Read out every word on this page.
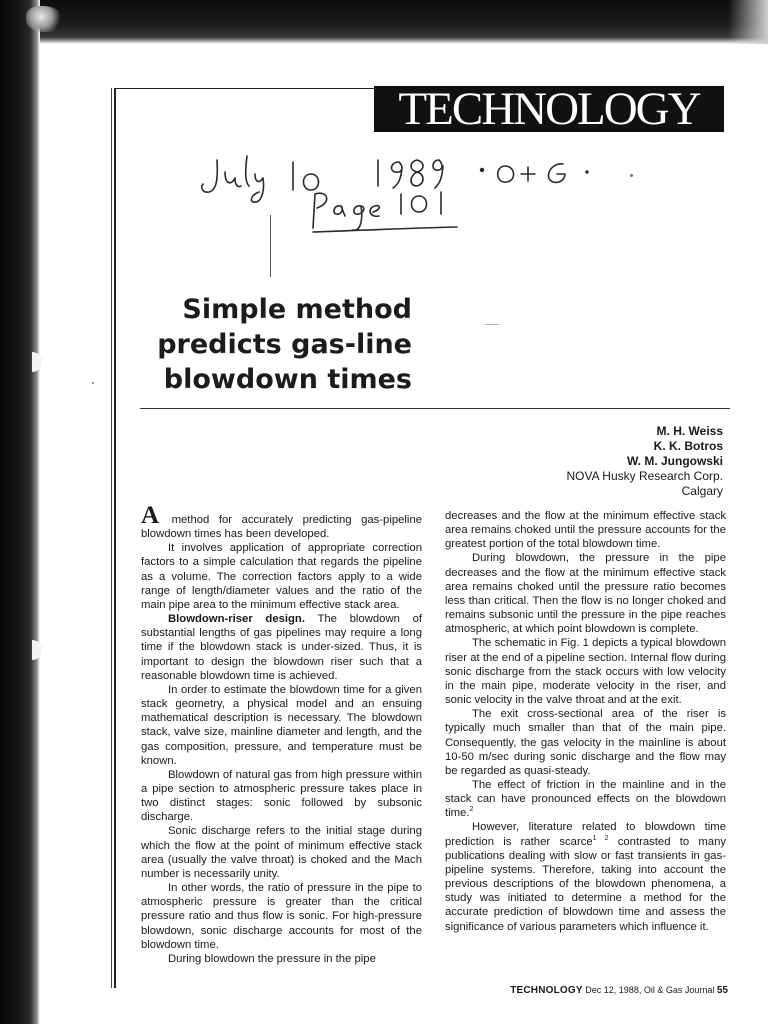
TECHNOLOGY
Simple method
predicts gas-line
blowdown times
M. H. Weiss
K. K. Botros
W. M. Jungowski
NOVA Husky Research Corp.
Calgary

A method for accurately predicting gas-pipeline blowdown times has been developed.

It involves application of appropriate correction factors to a simple calculation that regards the pipeline as a volume. The correction factors apply to a wide range of length/diameter values and the ratio of the main pipe area to the minimum effective stack area.

Blowdown-riser design. The blowdown of substantial lengths of gas pipelines may require a long time if the blowdown stack is under-sized. Thus, it is important to design the blowdown riser such that a reasonable blowdown time is achieved.

In order to estimate the blowdown time for a given stack geometry, a physical model and an ensuing mathematical description is necessary. The blowdown stack, valve size, mainline diameter and length, and the gas composition, pressure, and temperature must be known.

Blowdown of natural gas from high pressure within a pipe section to atmospheric pressure takes place in two distinct stages: sonic followed by subsonic discharge.

Sonic discharge refers to the initial stage during which the flow at the point of minimum effective stack area (usually the valve throat) is choked and the Mach number is necessarily unity.

In other words, the ratio of pressure in the pipe to atmospheric pressure is greater than the critical pressure ratio and thus flow is sonic. For high-pressure blowdown, sonic discharge accounts for most of the blowdown time.

During blowdown the pressure in the pipe

decreases and the flow at the minimum effective stack area remains choked until the pressure accounts for the greatest portion of the total blowdown time.

During blowdown, the pressure in the pipe decreases and the flow at the minimum effective stack area remains choked until the pressure ratio becomes less than critical. Then the flow is no longer choked and remains subsonic until the pressure in the pipe reaches atmospheric, at which point blowdown is complete.

The schematic in Fig. 1 depicts a typical blowdown riser at the end of a pipeline section. Internal flow during sonic discharge from the stack occurs with low velocity in the main pipe, moderate velocity in the riser, and sonic velocity in the valve throat and at the exit.

The exit cross-sectional area of the riser is typically much smaller than that of the main pipe. Consequently, the gas velocity in the mainline is about 10-50 m/sec during sonic discharge and the flow may be regarded as quasi-steady.

The effect of friction in the mainline and in the stack can have pronounced effects on the blowdown time.$^2$

However, literature related to blowdown time prediction is rather scarce$^{1 2}$ contrasted to many publications dealing with slow or fast transients in gas-pipeline systems. Therefore, taking into account the previous descriptions of the blowdown phenomena, a study was initiated to determine a method for the accurate prediction of blowdown time and assess the significance of various parameters which influence it.

TECHNOLOGY Dec 12, 1988, Oil & Gas Journal 55
